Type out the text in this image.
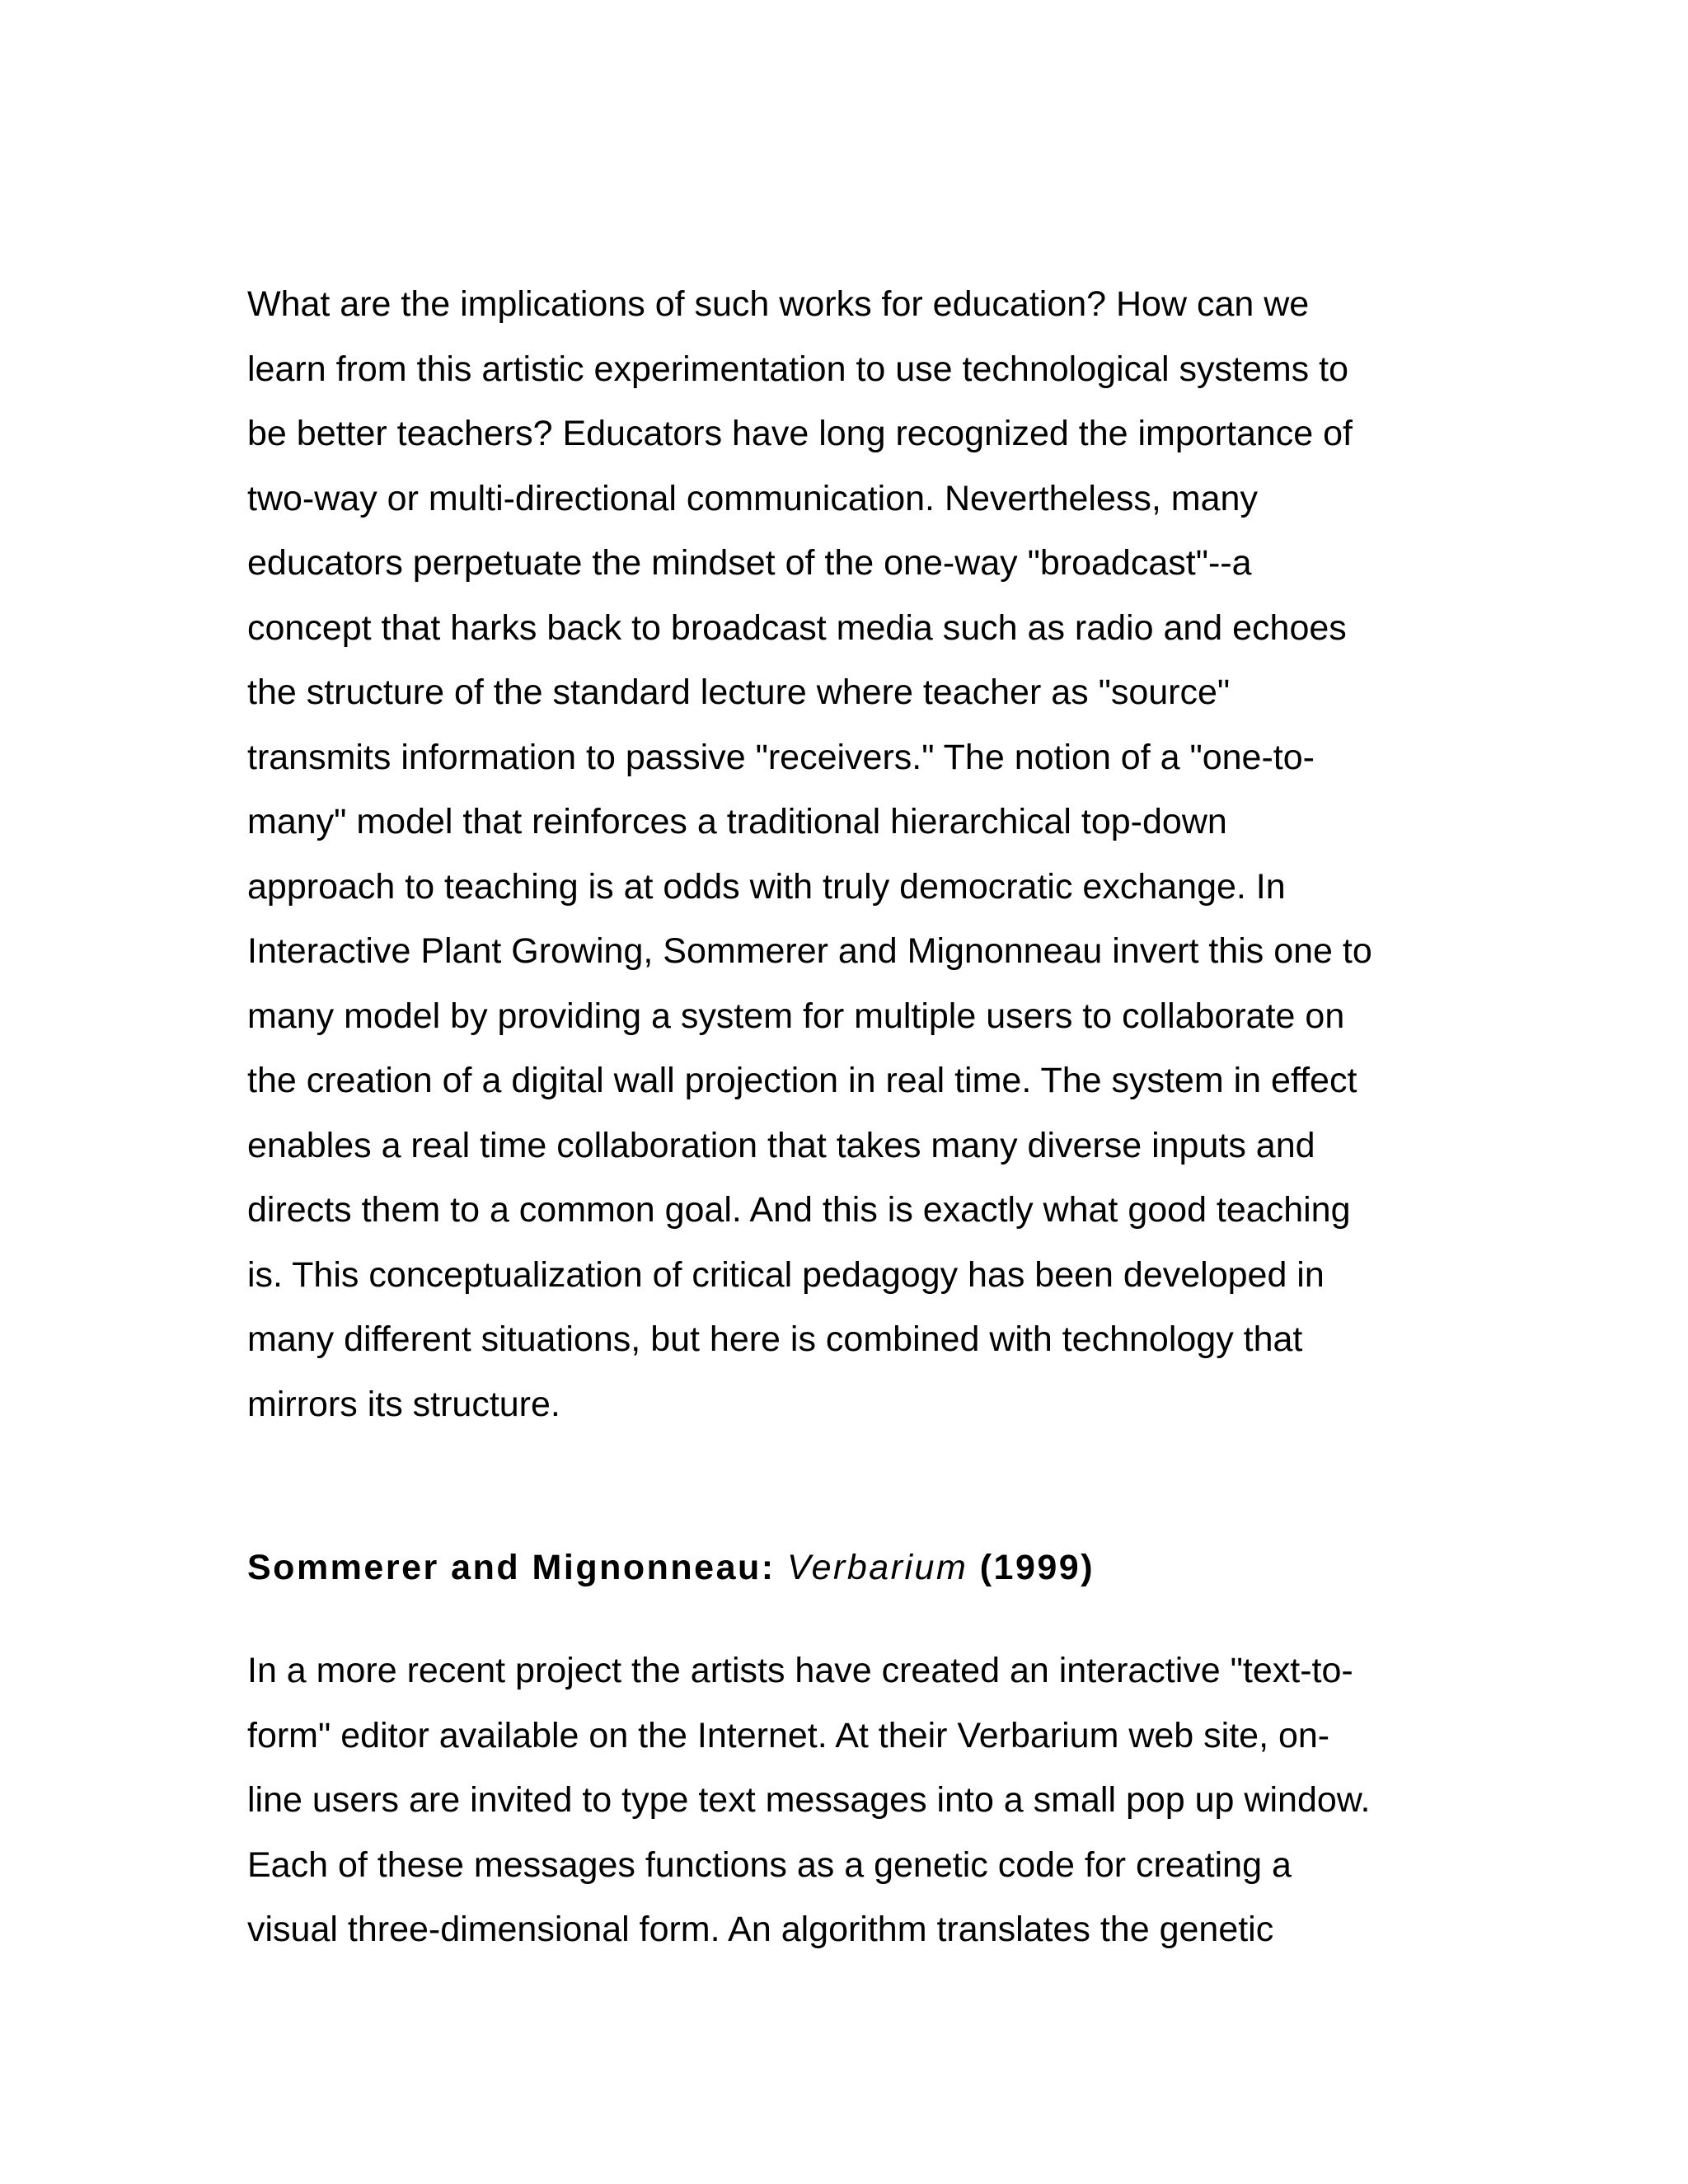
What are the implications of such works for education? How can we
learn from this artistic experimentation to use technological systems to
be better teachers? Educators have long recognized the importance of
two-way or multi-directional communication. Nevertheless, many
educators perpetuate the mindset of the one-way "broadcast"--a
concept that harks back to broadcast media such as radio and echoes
the structure of the standard lecture where teacher as "source"
transmits information to passive "receivers." The notion of a "one-to-
many" model that reinforces a traditional hierarchical top-down
approach to teaching is at odds with truly democratic exchange. In
Interactive Plant Growing, Sommerer and Mignonneau invert this one to
many model by providing a system for multiple users to collaborate on
the creation of a digital wall projection in real time. The system in effect
enables a real time collaboration that takes many diverse inputs and
directs them to a common goal. And this is exactly what good teaching
is. This conceptualization of critical pedagogy has been developed in
many different situations, but here is combined with technology that
mirrors its structure.
Sommerer and Mignonneau: Verbarium (1999)
In a more recent project the artists have created an interactive "text-to-
form" editor available on the Internet. At their Verbarium web site, on-
line users are invited to type text messages into a small pop up window.
Each of these messages functions as a genetic code for creating a
visual three-dimensional form. An algorithm translates the genetic
